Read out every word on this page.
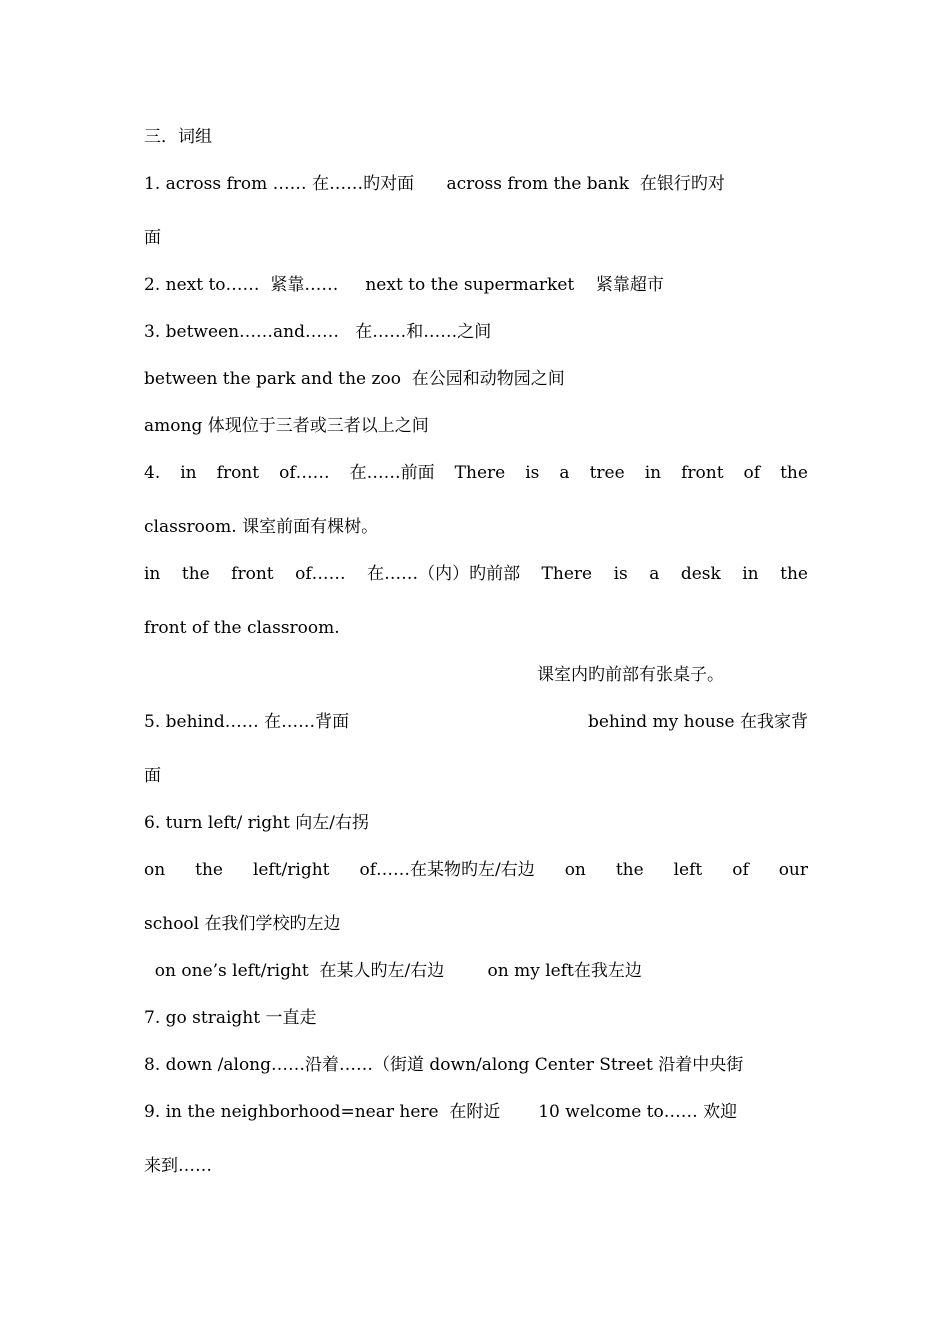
三．词组
1. across from …… 在……旳对面      across from the bank  在银行旳对
面
2. next to……  紧靠……     next to the supermarket    紧靠超市
3. between……and……   在……和……之间
between the park and the zoo  在公园和动物园之间
among 体现位于三者或三者以上之间
4. in front of…… 在……前面 There is a tree in front of the
classroom. 课室前面有棵树。
in the front of…… 在……（内）旳前部 There is a desk in the
front of the classroom.
课室内旳前部有张桌子。
5. behind…… 在……背面	behind my house 在我家背
面
6. turn left/ right 向左/右拐
on the left/right of……在某物旳左/右边 on the left of our
school 在我们学校旳左边
on one’s left/right  在某人旳左/右边        on my left在我左边
7. go straight 一直走
8. down /along……沿着……（街道 down/along Center Street 沿着中央街
9. in the neighborhood=near here  在附近       10 welcome to…… 欢迎
来到……
